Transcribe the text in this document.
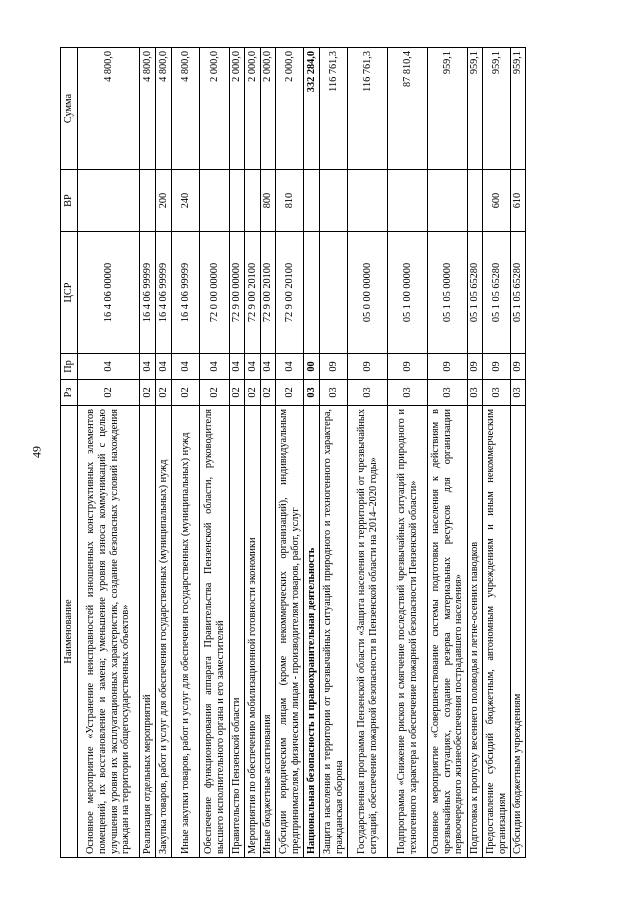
49
Наименование	Рз	Пр	ЦСР	ВР	Сумма
Основное мероприятие «Устранение неисправностей изношенных конструктивных элементов помещений, их восстановление и замена; уменьшение уровня износа коммуникаций с целью улучшения уровня их эксплуатационных характеристик, создание безопасных условий нахождения граждан на территории общегосударственных объектов»	02	04	16 4 06 00000		4 800,0
Реализация отдельных мероприятий	02	04	16 4 06 99999		4 800,0
Закупка товаров, работ и услуг для обеспечения государственных (муниципальных) нужд	02	04	16 4 06 99999	200	4 800,0
Иные закупки товаров, работ и услуг для обеспечения государственных (муниципальных) нужд	02	04	16 4 06 99999	240	4 800,0
Обеспечение функционирования аппарата Правительства Пензенской области, руководителя высшего исполнительного органа и его заместителей	02	04	72 0 00 00000		2 000,0
Правительство Пензенской области	02	04	72 9 00 00000		2 000,0
Мероприятия по обеспечению мобилизационной готовности экономики	02	04	72 9 00 20100		2 000,0
Иные бюджетные ассигнования	02	04	72 9 00 20100	800	2 000,0
Субсидии юридическим лицам (кроме некоммерческих организаций), индивидуальным предпринимателям, физическим лицам - производителям товаров, работ, услуг	02	04	72 9 00 20100	810	2 000,0
Национальная безопасность и правоохранительная деятельность	03	00			332 284,0
Защита населения и территории от чрезвычайных ситуаций природного и техногенного характера, гражданская оборона	03	09			116 761,3
Государственная программа Пензенской области «Защита населения и территорий от чрезвычайных ситуаций, обеспечение пожарной безопасности в Пензенской области на 2014–2020 годы»	03	09	05 0 00 00000		116 761,3
Подпрограмма «Снижение рисков и смягчение последствий чрезвычайных ситуаций природного и техногенного характера и обеспечение пожарной безопасности Пензенской области»	03	09	05 1 00 00000		87 810,4
Основное мероприятие «Совершенствование системы подготовки населения к действиям в чрезвычайных ситуациях, создание резерва материальных ресурсов для организации первоочередного жизнеобеспечения пострадавшего населения»	03	09	05 1 05 00000		959,1
Подготовка к пропуску весеннего половодья и летне-осенних паводков	03	09	05 1 05 65280		959,1
Предоставление субсидий бюджетным, автономным учреждениям и иным некоммерческим организациям	03	09	05 1 05 65280	600	959,1
Субсидии бюджетным учреждениям	03	09	05 1 05 65280	610	959,1
